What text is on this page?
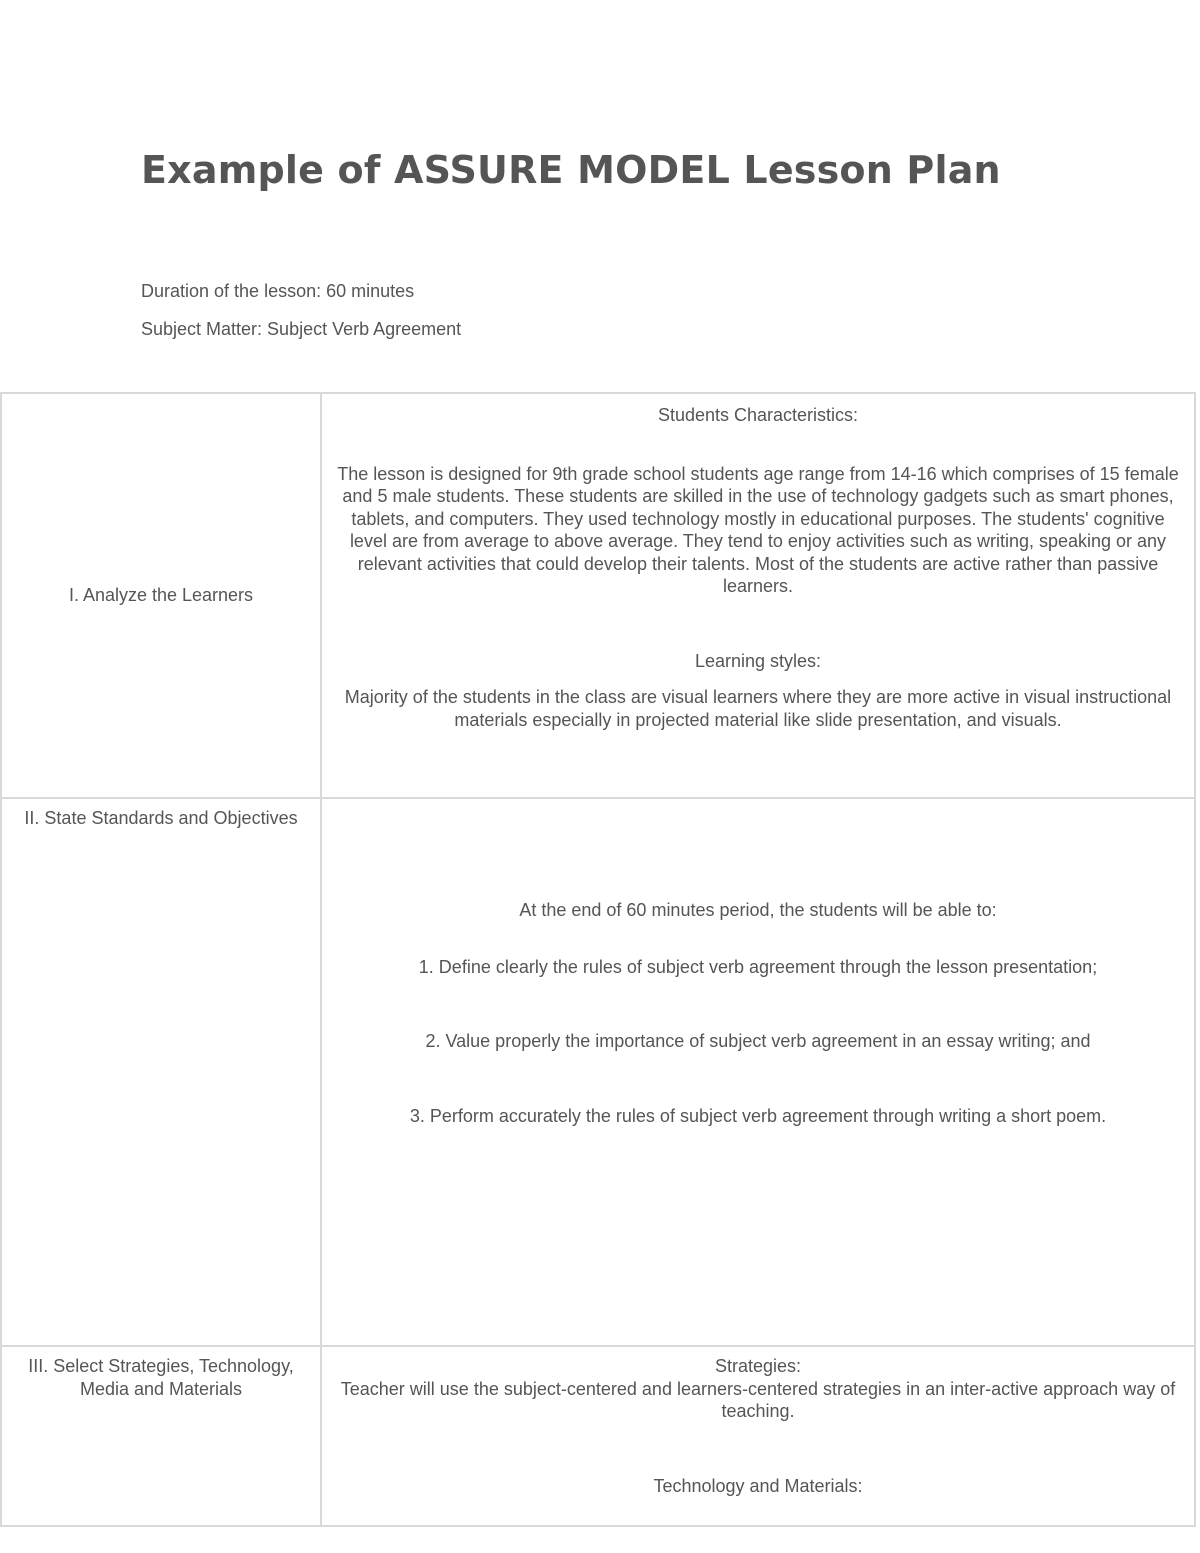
Example of ASSURE MODEL Lesson Plan
Duration of the lesson: 60 minutes
Subject Matter: Subject Verb Agreement
I. Analyze the Learners	Students Characteristics:

The lesson is designed for 9th grade school students age range from 14-16 which comprises of 15 female and 5 male students. These students are skilled in the use of technology gadgets such as smart phones, tablets, and computers. They used technology mostly in educational purposes. The students' cognitive level are from average to above average. They tend to enjoy activities such as writing, speaking or any relevant activities that could develop their talents. Most of the students are active rather than passive learners.

Learning styles:

Majority of the students in the class are visual learners where they are more active in visual instructional materials especially in projected material like slide presentation, and visuals.

II. State Standards and Objectives	At the end of 60 minutes period, the students will be able to:

1. Define clearly the rules of subject verb agreement through the lesson presentation;

2. Value properly the importance of subject verb agreement in an essay writing; and

3. Perform accurately the rules of subject verb agreement through writing a short poem.

III. Select Strategies, Technology, Media and Materials	Strategies:

Teacher will use the subject-centered and learners-centered strategies in an inter-active approach way of teaching.

Technology and Materials:
